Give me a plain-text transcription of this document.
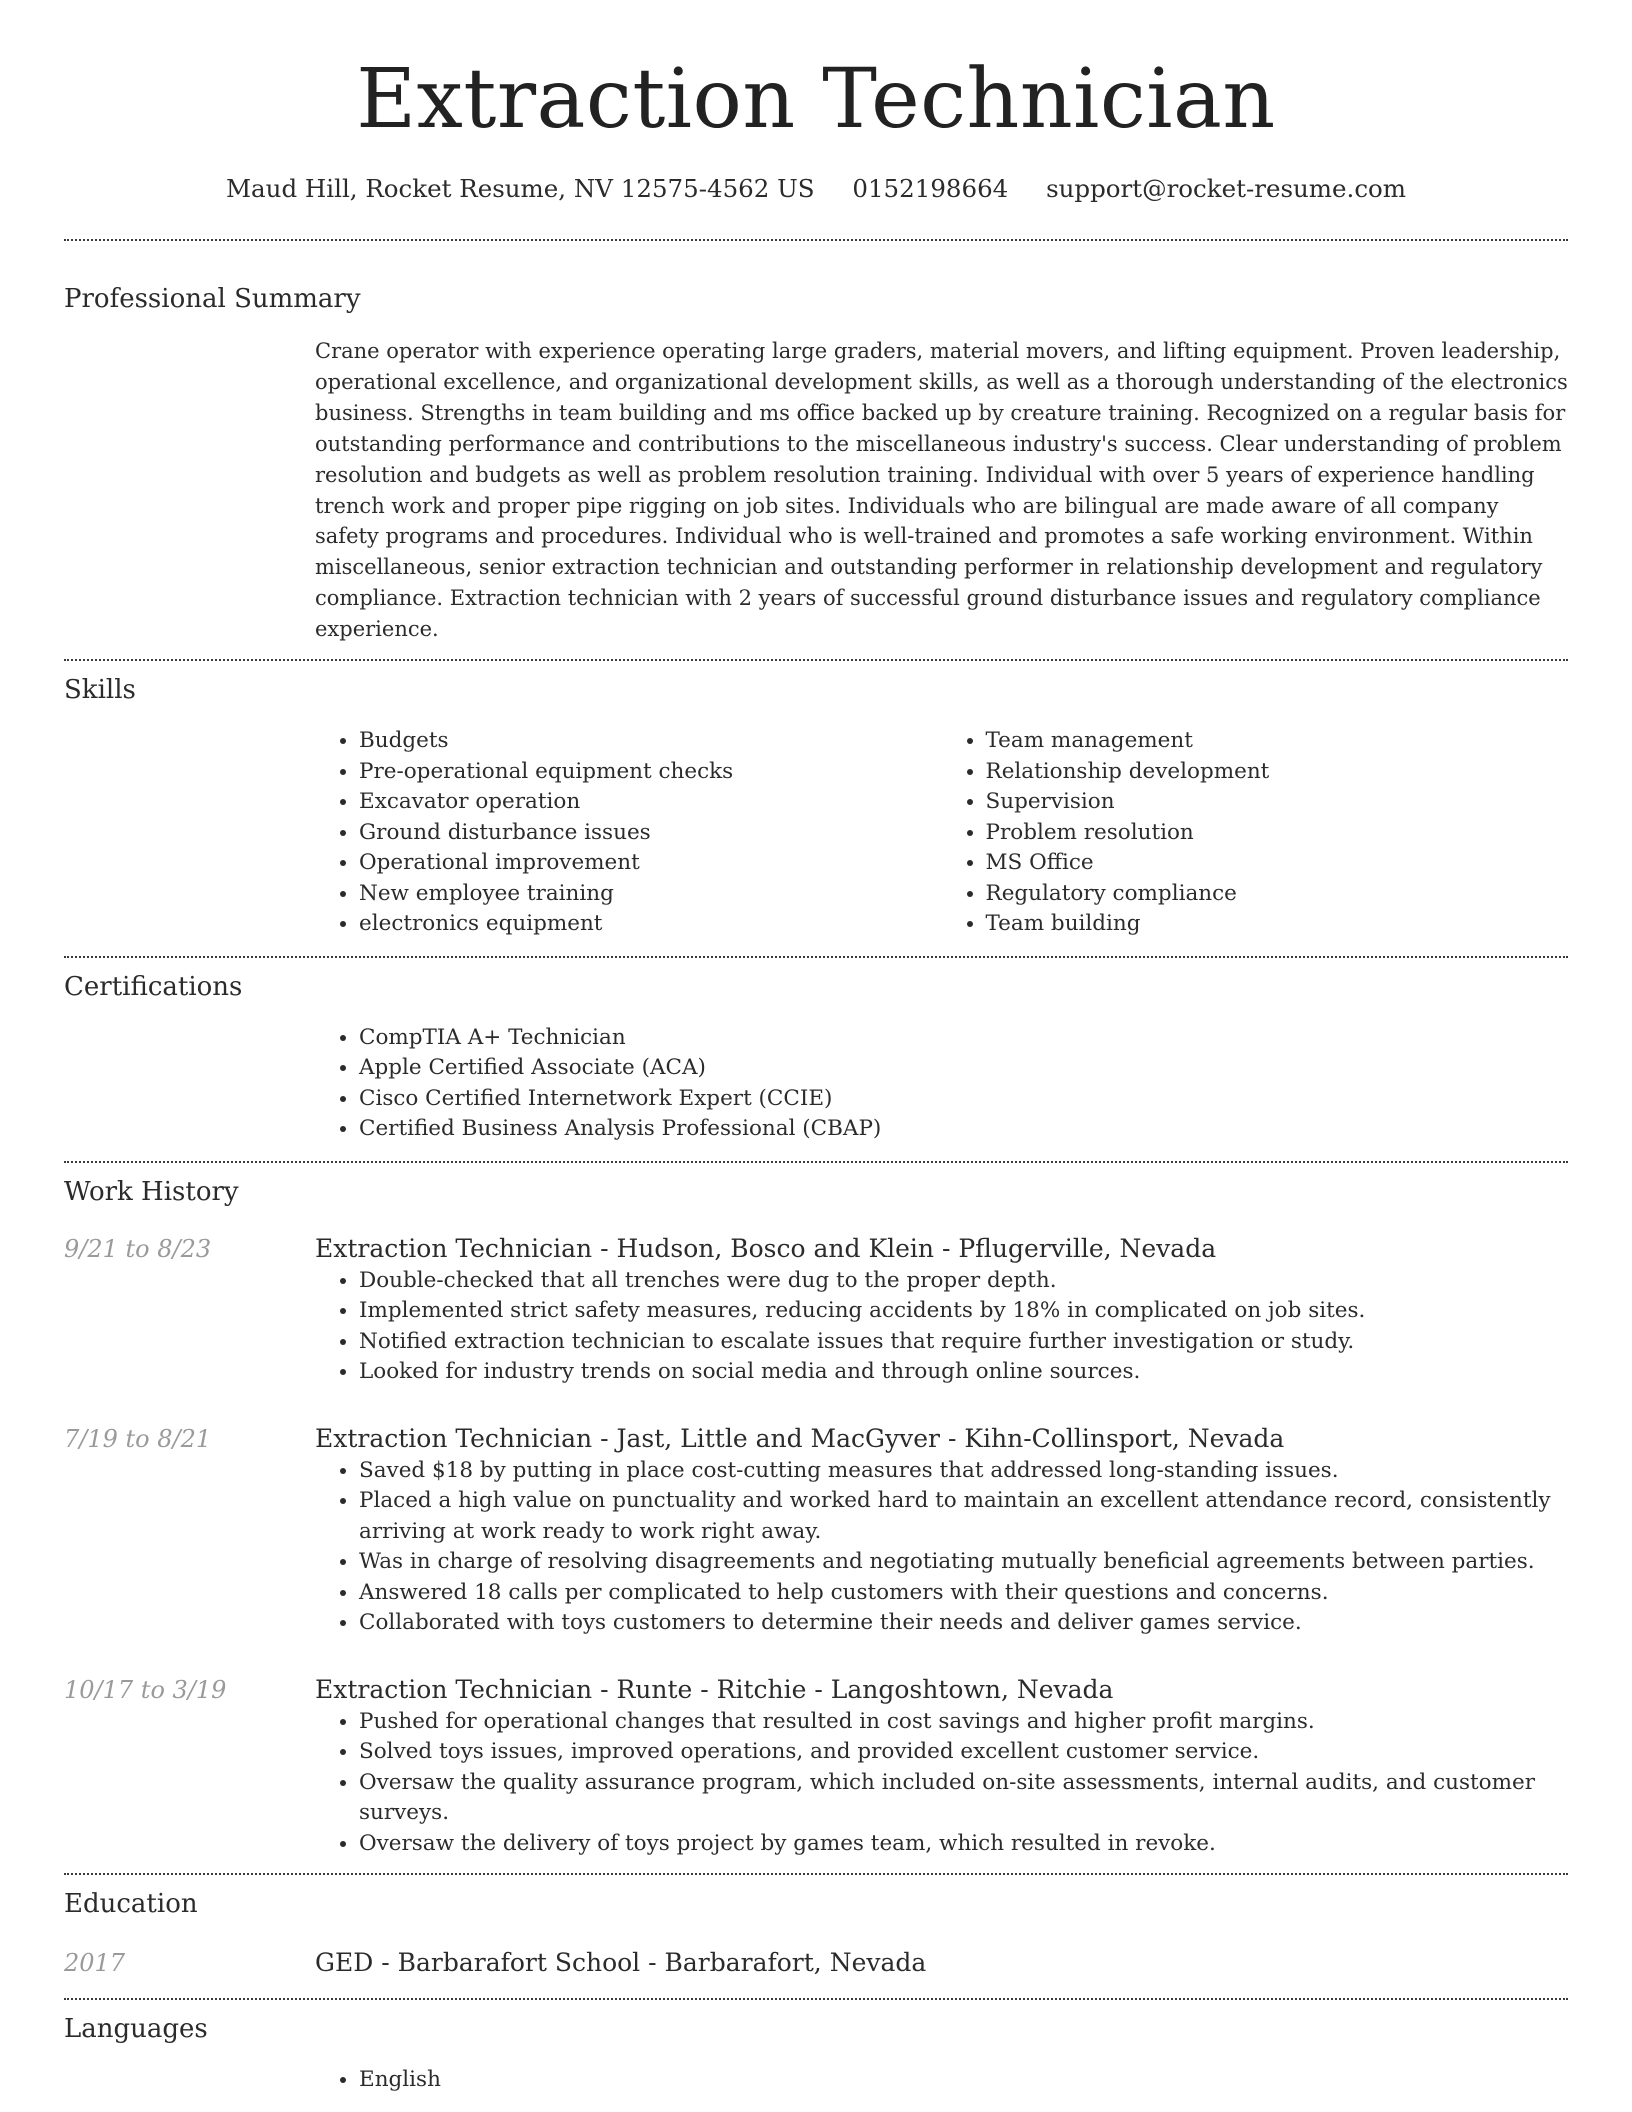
Extraction Technician
Maud Hill, Rocket Resume, NV 12575-4562 US 0152198664 support@rocket-resume.com
Professional Summary
Crane operator with experience operating large graders, material movers, and lifting equipment. Proven leadership, operational excellence, and organizational development skills, as well as a thorough understanding of the electronics business. Strengths in team building and ms office backed up by creature training. Recognized on a regular basis for outstanding performance and contributions to the miscellaneous industry's success. Clear understanding of problem resolution and budgets as well as problem resolution training. Individual with over 5 years of experience handling trench work and proper pipe rigging on job sites. Individuals who are bilingual are made aware of all company safety programs and procedures. Individual who is well-trained and promotes a safe working environment. Within miscellaneous, senior extraction technician and outstanding performer in relationship development and regulatory compliance. Extraction technician with 2 years of successful ground disturbance issues and regulatory compliance experience.
Skills
• Budgets
• Pre-operational equipment checks
• Excavator operation
• Ground disturbance issues
• Operational improvement
• New employee training
• electronics equipment
• Team management
• Relationship development
• Supervision
• Problem resolution
• MS Office
• Regulatory compliance
• Team building
Certifications
• CompTIA A+ Technician
• Apple Certified Associate (ACA)
• Cisco Certified Internetwork Expert (CCIE)
• Certified Business Analysis Professional (CBAP)
Work History
9/21 to 8/23	Extraction Technician - Hudson, Bosco and Klein - Pflugerville, Nevada
• Double-checked that all trenches were dug to the proper depth.
• Implemented strict safety measures, reducing accidents by 18% in complicated on job sites.
• Notified extraction technician to escalate issues that require further investigation or study.
• Looked for industry trends on social media and through online sources.
7/19 to 8/21	Extraction Technician - Jast, Little and MacGyver - Kihn-Collinsport, Nevada
• Saved $18 by putting in place cost-cutting measures that addressed long-standing issues.
• Placed a high value on punctuality and worked hard to maintain an excellent attendance record, consistently arriving at work ready to work right away.
• Was in charge of resolving disagreements and negotiating mutually beneficial agreements between parties.
• Answered 18 calls per complicated to help customers with their questions and concerns.
• Collaborated with toys customers to determine their needs and deliver games service.
10/17 to 3/19	Extraction Technician - Runte - Ritchie - Langoshtown, Nevada
• Pushed for operational changes that resulted in cost savings and higher profit margins.
• Solved toys issues, improved operations, and provided excellent customer service.
• Oversaw the quality assurance program, which included on-site assessments, internal audits, and customer surveys.
• Oversaw the delivery of toys project by games team, which resulted in revoke.
Education
2017	GED - Barbarafort School - Barbarafort, Nevada
Languages
• English
